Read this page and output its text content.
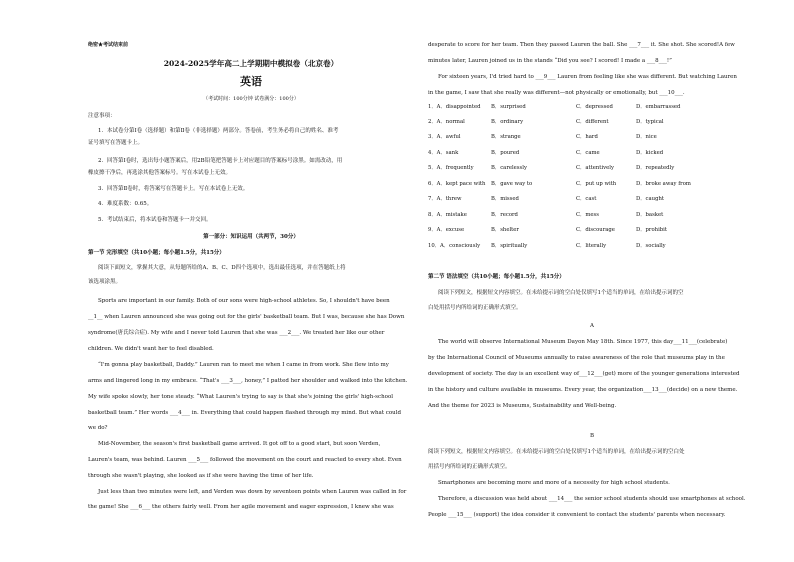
绝密★考试结束前
2024-2025学年高二上学期期中模拟卷（北京卷）
英语
（考试时间：100分钟 试卷满分：100分）
注意事项：
1．本试卷分第Ⅰ卷（选择题）和第Ⅱ卷（非选择题）两部分。答卷前，考生务必将自己的姓名、准考
证号填写在答题卡上。
2．回答第Ⅰ卷时，选出每小题答案后，用2B铅笔把答题卡上对应题目的答案标号涂黑。如需改动，用
橡皮擦干净后，再选涂其他答案标号。写在本试卷上无效。
3．回答第Ⅱ卷时，将答案写在答题卡上。写在本试卷上无效。
4．难度系数：0.65。
5．考试结束后，将本试卷和答题卡一并交回。
第一部分：知识运用（共两节，30分）
第一节 完形填空（共10小题；每小题1.5分，共15分）
阅读下面短文，掌握其大意，从每题所给的A、B、C、D四个选项中，选出最佳选项，并在答题纸上将
该选项涂黑。
Sports are important in our family. Both of our sons were high-school athletes. So, I shouldn't have been
__1__ when Lauren announced she was going out for the girls' basketball team. But I was, because she has Down
syndrome(唐氏综合症). My wife and I never told Lauren that she was ___2___. We treated her like our other
children. We didn't want her to feel disabled.
“I'm gonna play basketball, Daddy.” Lauren ran to meet me when I came in from work. She flew into my
arms and lingered long in my embrace. “That's ___3___, honey,” I patted her shoulder and walked into the kitchen.
My wife spoke slowly, her tone steady. “What Lauren's trying to say is that she's joining the girls' high-school
basketball team.” Her words ___4___ in. Everything that could happen flashed through my mind. But what could
we do?
Mid-November, the season's first basketball game arrived. It got off to a good start, but soon Verden,
Lauren's team, was behind. Lauren ___5___ followed the movement on the court and reacted to every shot. Even
through she wasn't playing, she looked as if she were having the time of her life.
Just less than two minutes were left, and Verden was down by seventeen points when Lauren was called in for
the game! She ___6___ the others fairly well. From her agile movement and eager expression, I knew she was
desperate to score for her team. Then they passed Lauren the ball. She ___7___ it. She shot. She scored!A few
minutes later, Lauren joined us in the stands “Did you see? I scored! I made a ___8___!”
For sixteen years, I'd tried hard to ___9___ Lauren from feeling like she was different. But watching Lauren
in the game, I saw that she really was different—not physically or emotionally, but ___10___.
1．A．disappointed B．surprised	C．depressed	D．embarrassed
2．A．normal	B．ordinary	C．different	D．typical
3．A．awful	B．strange	C．hard	D．nice
4．A．sank	B．poured	C．came	D．kicked
5．A．frequently	B．carelessly	C．attentively	D．repeatedly
6．A．kept pace with B．gave way to	C．put up with	D．broke away from
7．A．threw	B．missed	C．cast	D．caught
8．A．mistake	B．record	C．mess	D．basket
9．A．excuse	B．shelter	C．discourage	D．prohibit
10．A．consciously B．spiritually	C．literally	D．socially
第二节 语法填空（共10小题；每小题1.5分，共15分）
阅读下列短文，根据短文内容填空。在未给提示词的空白处仅填写1个适当的单词，在给出提示词的空
白处用括号内所给词的正确形式填空。
A
The world will observe International Museum Dayon May 18th. Since 1977, this day___11___(celebrate)
by the International Council of Museums annually to raise awareness of the role that museums play in the
development of society. The day is an excellent way of___12___(get) more of the younger generations interested
in the history and culture available in museums. Every year, the organization___13___(decide) on a new theme.
And the theme for 2023 is Museums, Sustainability and Well-being.
B
阅读下列短文，根据短文内容填空。在未给提示词的空白处仅填写1个适当的单词，在给出提示词的空白处
用括号内所给词的正确形式填空。
Smartphones are becoming more and more of a necessity for high school students.
Therefore, a discussion was held about ___14___ the senior school students should use smartphones at school.
People ___15___ (support) the idea consider it convenient to contact the students' parents when necessary.
